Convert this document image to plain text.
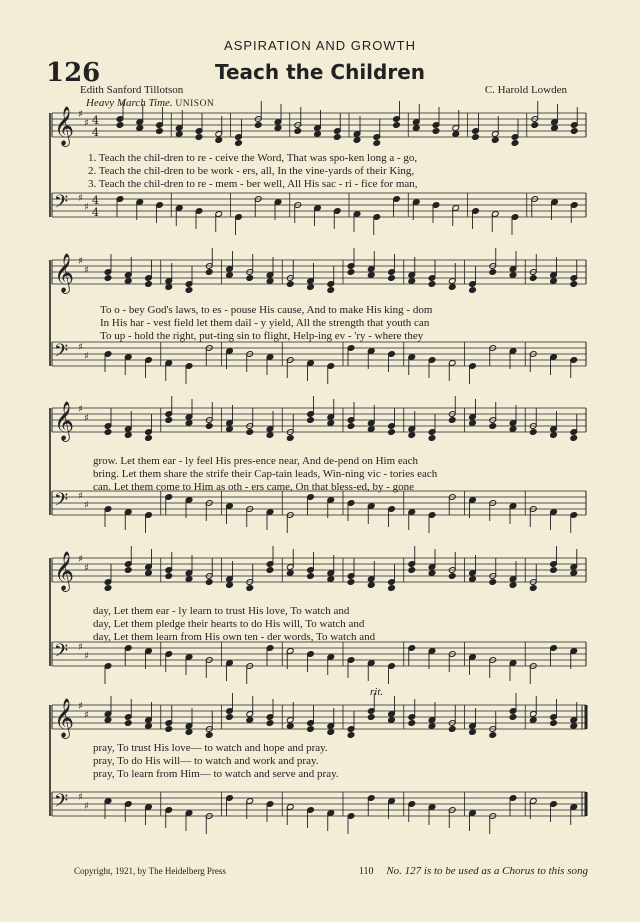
ASPIRATION AND GROWTH
126	Teach the Children
Edith Sanford Tillotson	C. Harold Lowden
Heavy March Time. UNISON
𝄞 ♯
♯
𝄢 ♯
♯
𝄞 ♯
♯
𝄢 ♯
♯
𝄞 ♯
♯
𝄢 ♯
♯
𝄞 ♯
♯
𝄢 ♯
♯
𝄞 ♯
♯
𝄢 ♯
♯
4
4
4
4
rit.
1. Teach the chil-dren to re - ceive the Word, That was spo-ken long a - go,
2. Teach the chil-dren to be work - ers, all, In the vine-yards of their King,
3. Teach the chil-dren to re - mem - ber well, All His sac - ri - fice for man,
To o - bey God's laws, to es - pouse His cause, And to make His king - dom
In His har - vest field let them dail - y yield, All the strength that youth can
To up - hold the right, put-ting sin to flight, Help-ing ev - 'ry - where they
grow. Let them ear - ly feel His pres-ence near, And de-pend on Him each
bring. Let them share the strife their Cap-tain leads, Win-ning vic - tories each
can. Let them come to Him as oth - ers came, On that bless-ed, by - gone
day, Let them ear - ly learn to trust His love, To watch and
day, Let them pledge their hearts to do His will, To watch and
day, Let them learn from His own ten - der words, To watch and
pray, To trust His love— to watch and hope and pray.
pray, To do His will— to watch and work and pray.
pray, To learn from Him— to watch and serve and pray.
Copyright, 1921, by The Heidelberg Press	110 No. 127 is to be used as a Chorus to this song
